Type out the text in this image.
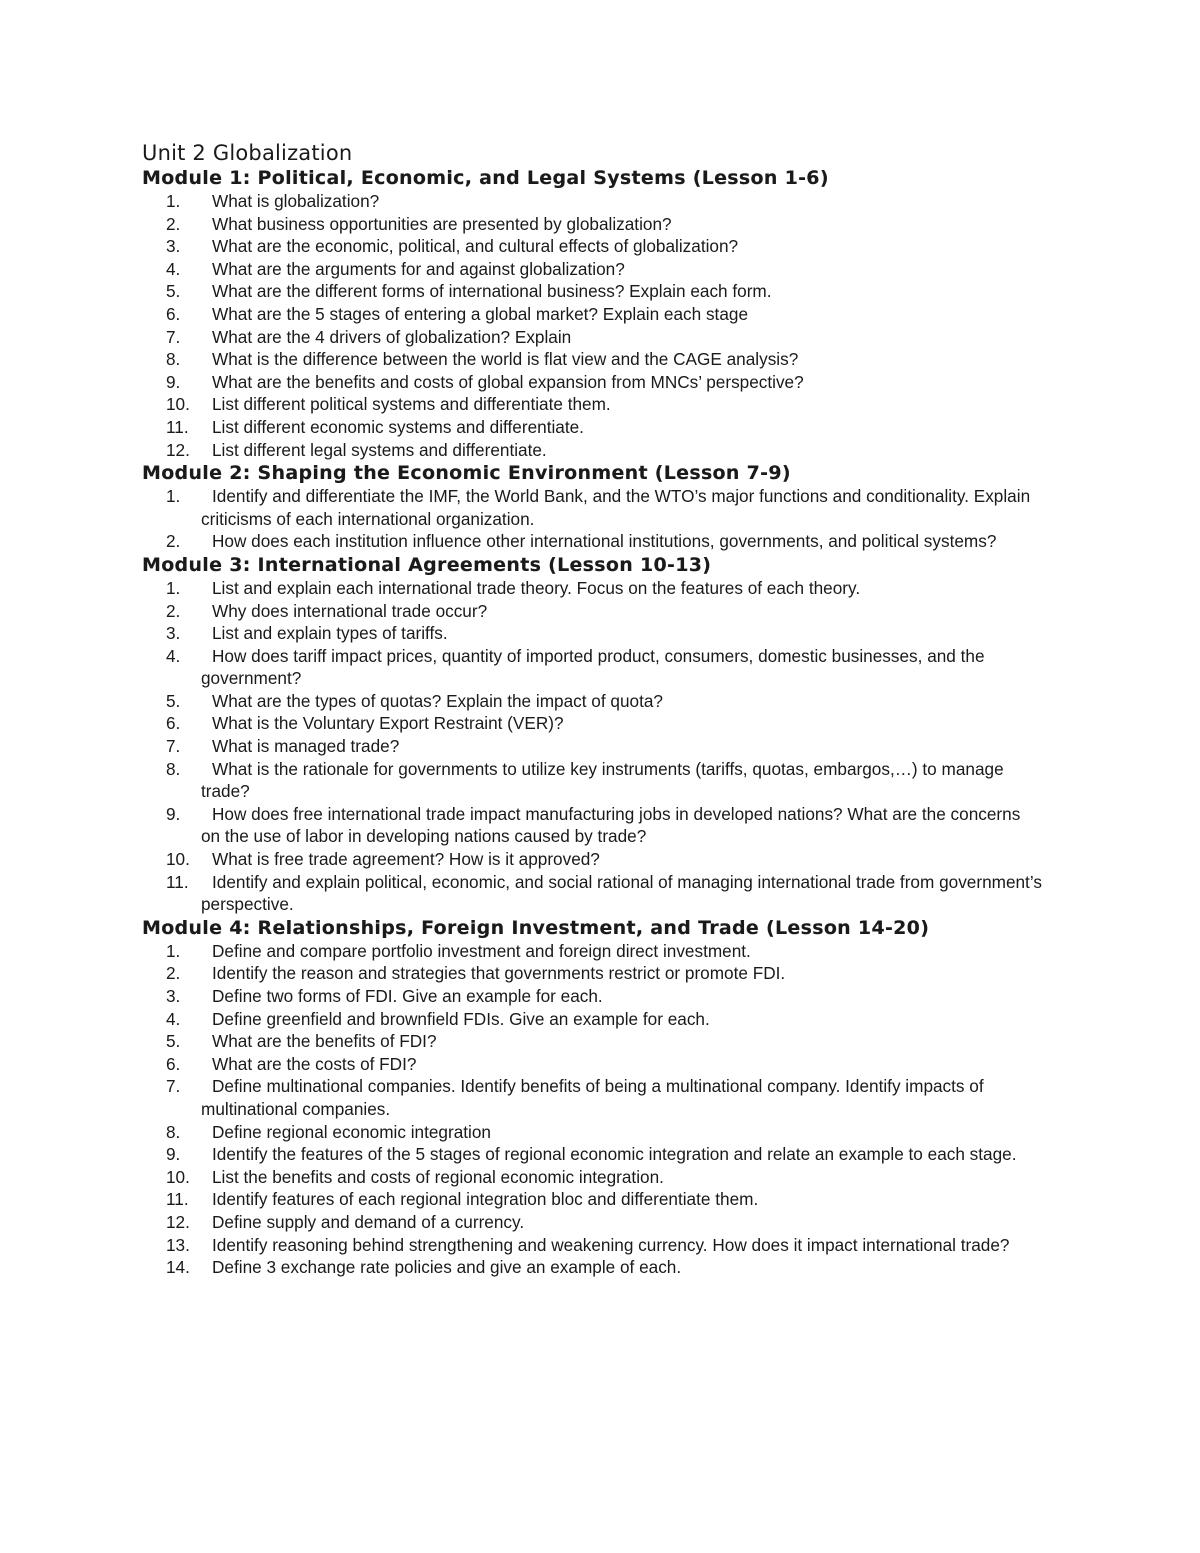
Unit 2 Globalization
Module 1: Political, Economic, and Legal Systems (Lesson 1-6)
1.	What is globalization?
2.	What business opportunities are presented by globalization?
3.	What are the economic, political, and cultural effects of globalization?
4.	What are the arguments for and against globalization?
5.	What are the different forms of international business? Explain each form.
6.	What are the 5 stages of entering a global market? Explain each stage
7.	What are the 4 drivers of globalization? Explain
8.	What is the difference between the world is flat view and the CAGE analysis?
9.	What are the benefits and costs of global expansion from MNCs’ perspective?
10.	List different political systems and differentiate them.
11.	List different economic systems and differentiate.
12.	List different legal systems and differentiate.
Module 2: Shaping the Economic Environment (Lesson 7-9)
1.	Identify and differentiate the IMF, the World Bank, and the WTO’s major functions and conditionality. Explain criticisms of each international organization.
2.	How does each institution influence other international institutions, governments, and political systems?
Module 3: International Agreements (Lesson 10-13)
1.	List and explain each international trade theory. Focus on the features of each theory.
2.	Why does international trade occur?
3.	List and explain types of tariffs.
4.	How does tariff impact prices, quantity of imported product, consumers, domestic businesses, and the government?
5.	What are the types of quotas? Explain the impact of quota?
6.	What is the Voluntary Export Restraint (VER)?
7.	What is managed trade?
8.	What is the rationale for governments to utilize key instruments (tariffs, quotas, embargos,…) to manage trade?
9.	How does free international trade impact manufacturing jobs in developed nations? What are the concerns on the use of labor in developing nations caused by trade?
10.	What is free trade agreement? How is it approved?
11.	Identify and explain political, economic, and social rational of managing international trade from government’s perspective.
Module 4: Relationships, Foreign Investment, and Trade (Lesson 14-20)
1.	Define and compare portfolio investment and foreign direct investment.
2.	Identify the reason and strategies that governments restrict or promote FDI.
3.	Define two forms of FDI. Give an example for each.
4.	Define greenfield and brownfield FDIs. Give an example for each.
5.	What are the benefits of FDI?
6.	What are the costs of FDI?
7.	Define multinational companies. Identify benefits of being a multinational company. Identify impacts of multinational companies.
8.	Define regional economic integration
9.	Identify the features of the 5 stages of regional economic integration and relate an example to each stage.
10.	List the benefits and costs of regional economic integration.
11.	Identify features of each regional integration bloc and differentiate them.
12.	Define supply and demand of a currency.
13.	Identify reasoning behind strengthening and weakening currency. How does it impact international trade?
14.	Define 3 exchange rate policies and give an example of each.
